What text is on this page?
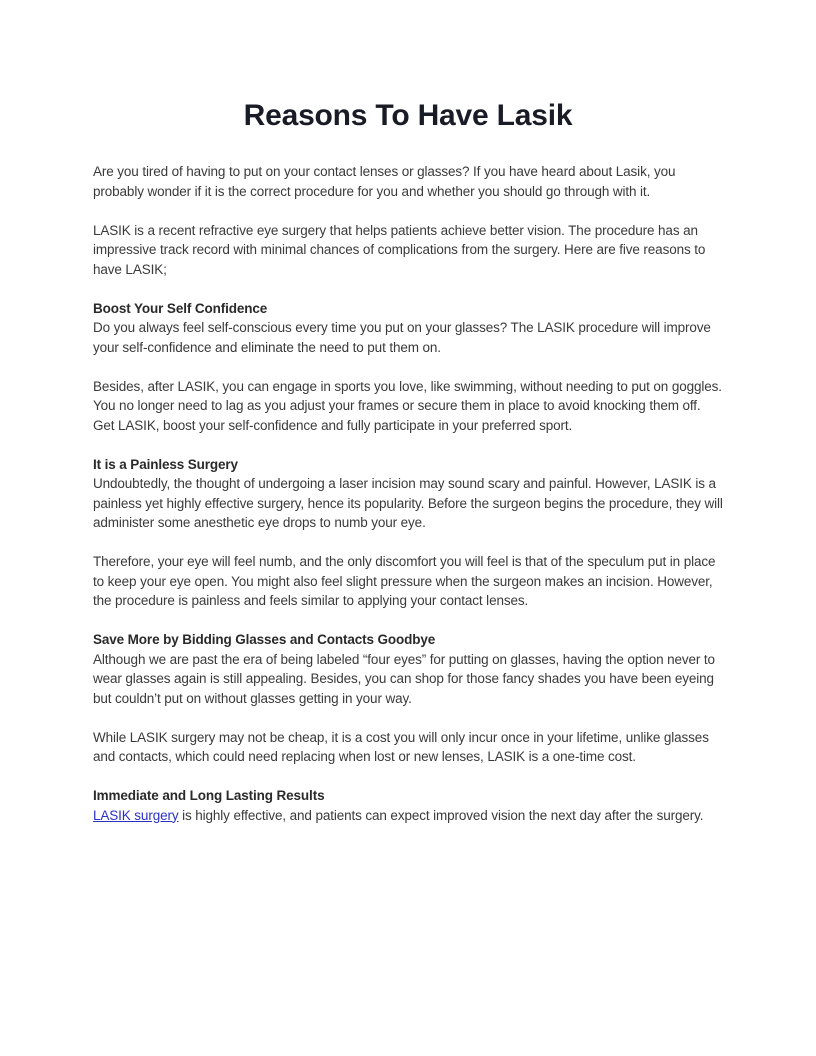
Reasons To Have Lasik

Are you tired of having to put on your contact lenses or glasses? If you have heard about Lasik, you probably wonder if it is the correct procedure for you and whether you should go through with it.

LASIK is a recent refractive eye surgery that helps patients achieve better vision. The procedure has an impressive track record with minimal chances of complications from the surgery. Here are five reasons to have LASIK;

Boost Your Self Confidence

Do you always feel self-conscious every time you put on your glasses? The LASIK procedure will improve your self-confidence and eliminate the need to put them on.

Besides, after LASIK, you can engage in sports you love, like swimming, without needing to put on goggles. You no longer need to lag as you adjust your frames or secure them in place to avoid knocking them off. Get LASIK, boost your self-confidence and fully participate in your preferred sport.

It is a Painless Surgery

Undoubtedly, the thought of undergoing a laser incision may sound scary and painful. However, LASIK is a painless yet highly effective surgery, hence its popularity. Before the surgeon begins the procedure, they will administer some anesthetic eye drops to numb your eye.

Therefore, your eye will feel numb, and the only discomfort you will feel is that of the speculum put in place to keep your eye open. You might also feel slight pressure when the surgeon makes an incision. However, the procedure is painless and feels similar to applying your contact lenses.

Save More by Bidding Glasses and Contacts Goodbye

Although we are past the era of being labeled “four eyes” for putting on glasses, having the option never to wear glasses again is still appealing. Besides, you can shop for those fancy shades you have been eyeing but couldn’t put on without glasses getting in your way.

While LASIK surgery may not be cheap, it is a cost you will only incur once in your lifetime, unlike glasses and contacts, which could need replacing when lost or new lenses, LASIK is a one-time cost.

Immediate and Long Lasting Results

LASIK surgery is highly effective, and patients can expect improved vision the next day after the surgery.
